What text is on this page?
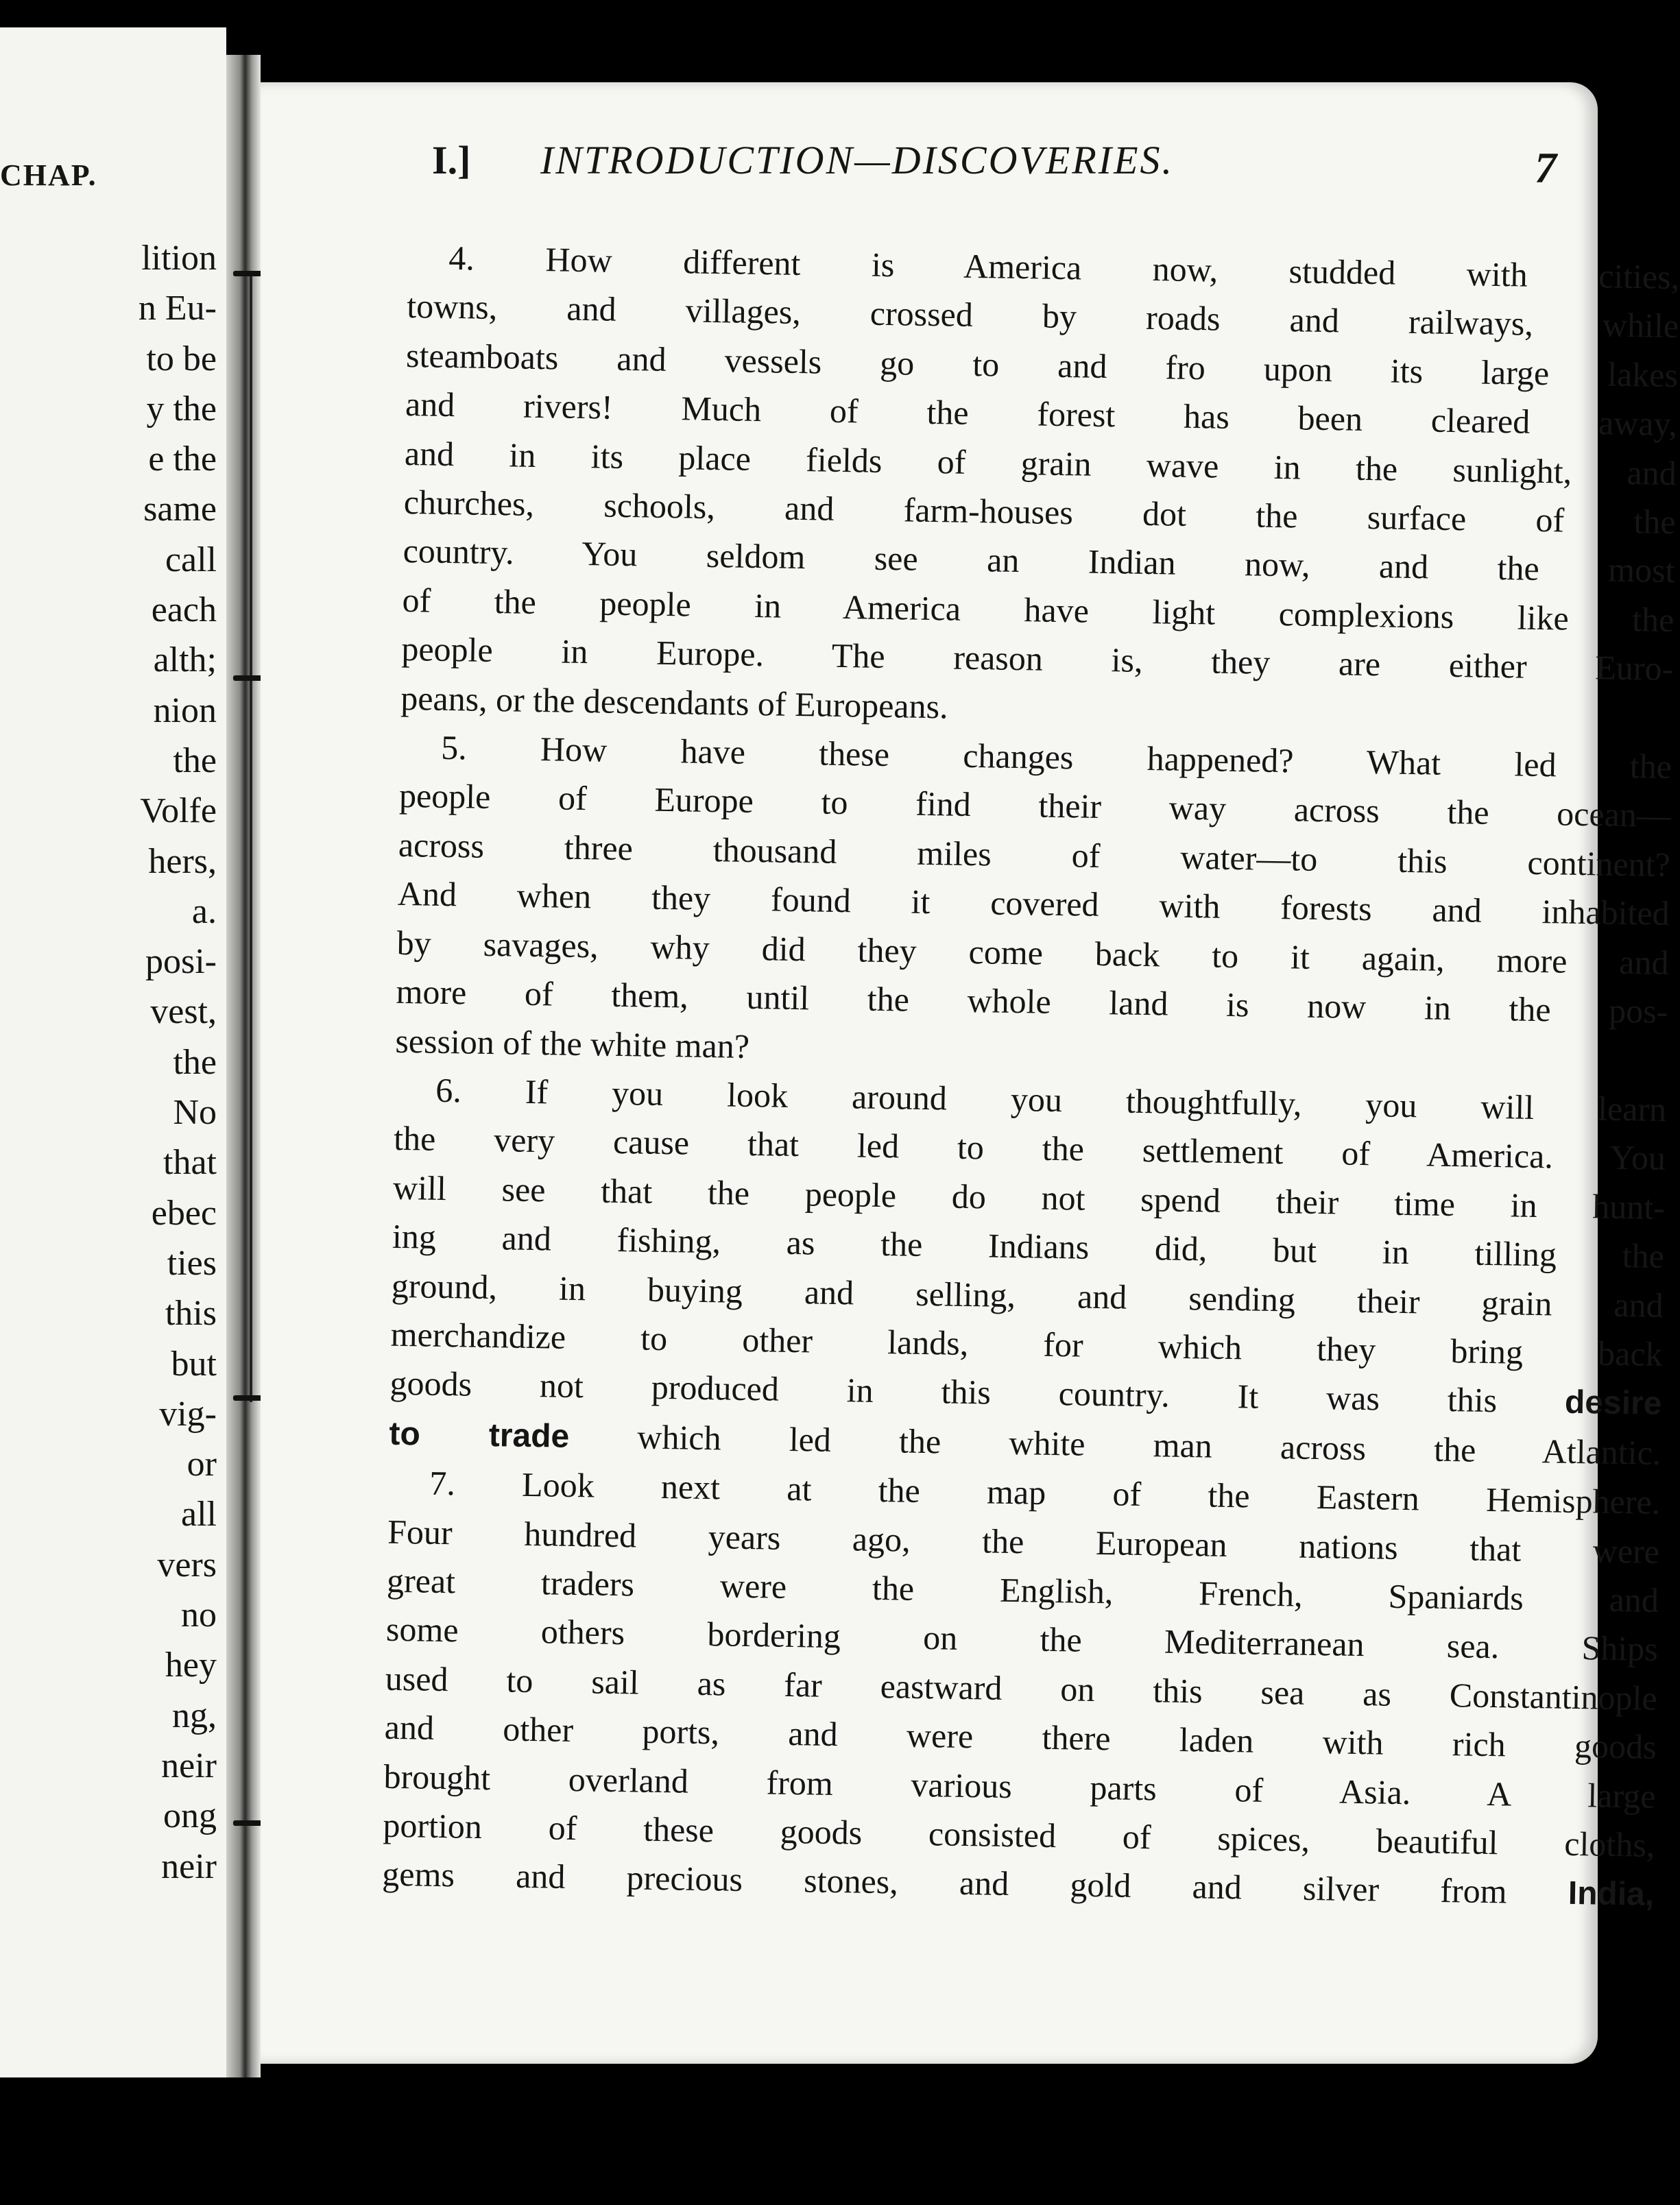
CHAP.
lition
n Eu-
to be
y the
e the
same
call
each
alth;
nion
the
Volfe
hers,
a.
posi-
vest,
the
No
that
ebec
ties
this
but
vig-
or
all
vers
no
hey
ng,
neir
ong
neir
I.] INTRODUCTION—DISCOVERIES.	7

4. How different is America now, studded with cities,
towns, and villages, crossed by roads and railways, while
steamboats and vessels go to and fro upon its large lakes
and rivers! Much of the forest has been cleared away,
and in its place fields of grain wave in the sunlight, and
churches, schools, and farm-houses dot the surface of the
country. You seldom see an Indian now, and the most
of the people in America have light complexions like the
people in Europe. The reason is, they are either Euro-
peans, or the descendants of Europeans.

5. How have these changes happened? What led the
people of Europe to find their way across the ocean—
across three thousand miles of water—to this continent?
And when they found it covered with forests and inhabited
by savages, why did they come back to it again, more and
more of them, until the whole land is now in the pos-
session of the white man?

6. If you look around you thoughtfully, you will learn
the very cause that led to the settlement of America. You
will see that the people do not spend their time in hunt-
ing and fishing, as the Indians did, but in tilling the
ground, in buying and selling, and sending their grain and
merchandize to other lands, for which they bring back
goods not produced in this country. It was this desire
to trade which led the white man across the Atlantic.

7. Look next at the map of the Eastern Hemisphere.
Four hundred years ago, the European nations that were
great traders were the English, French, Spaniards and
some others bordering on the Mediterranean sea. Ships
used to sail as far eastward on this sea as Constantinople
and other ports, and were there laden with rich goods
brought overland from various parts of Asia. A large
portion of these goods consisted of spices, beautiful cloths,
gems and precious stones, and gold and silver from India,
